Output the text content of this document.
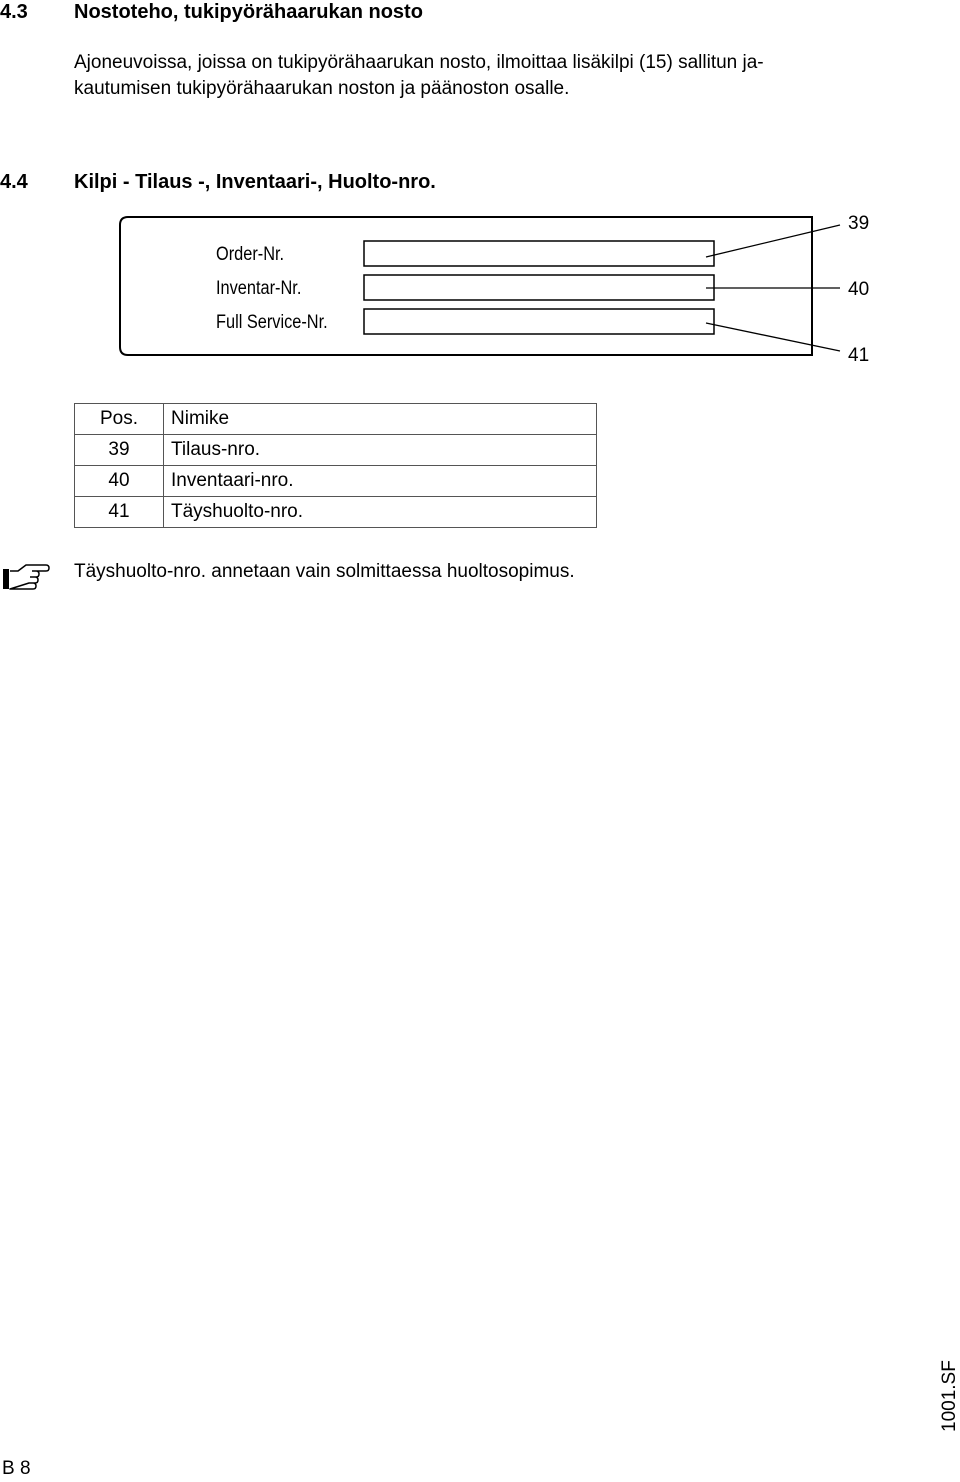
4.3 Nostoteho, tukipyörähaarukan nosto
Ajoneuvoissa, joissa on tukipyörähaarukan nosto, ilmoittaa lisäkilpi (15) sallitun ja-
kautumisen tukipyörähaarukan noston ja päänoston osalle.
4.4 Kilpi - Tilaus -, Inventaari-, Huolto-nro.
Order-Nr.
Inventar-Nr.
Full Service-Nr.
39
40
41
Pos.	Nimike
39	Tilaus-nro.
40	Inventaari-nro.
41	Täyshuolto-nro.
Täyshuolto-nro. annetaan vain solmittaessa huoltosopimus.
B 8
1001.SF
